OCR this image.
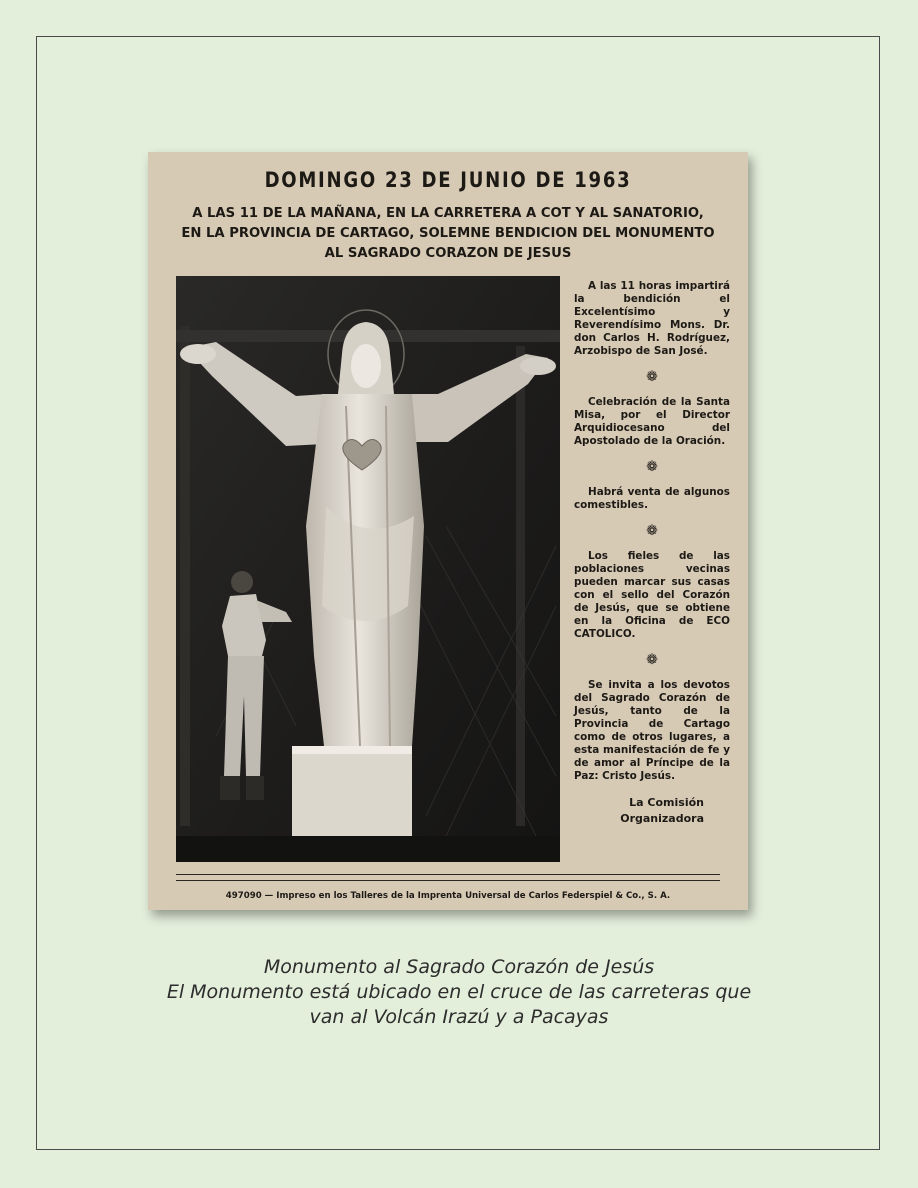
DOMINGO 23 DE JUNIO DE 1963
A LAS 11 DE LA MAÑANA, EN LA CARRETERA A COT Y AL SANATORIO,
EN LA PROVINCIA DE CARTAGO, SOLEMNE BENDICION DEL MONUMENTO
AL SAGRADO CORAZON DE JESUS

A las 11 horas impartirá la bendición el Excelentísimo y Reverendísimo Mons. Dr. don Carlos H. Rodríguez, Arzobispo de San José.

❁

Celebración de la Santa Misa, por el Director Arquidiocesano del Apostolado de la Oración.

❁

Habrá venta de algunos comestibles.

❁

Los fieles de las poblaciones vecinas pueden marcar sus casas con el sello del Corazón de Jesús, que se obtiene en la Oficina de ECO CATOLICO.

❁

Se invita a los devotos del Sagrado Corazón de Jesús, tanto de la Provincia de Cartago como de otros lugares, a esta manifestación de fe y de amor al Príncipe de la Paz: Cristo Jesús.

La Comisión
Organizadora
497090 — Impreso en los Talleres de la Imprenta Universal de Carlos Federspiel & Co., S. A.
Monumento al Sagrado Corazón de Jesús
El Monumento está ubicado en el cruce de las carreteras que
van al Volcán Irazú y a Pacayas
